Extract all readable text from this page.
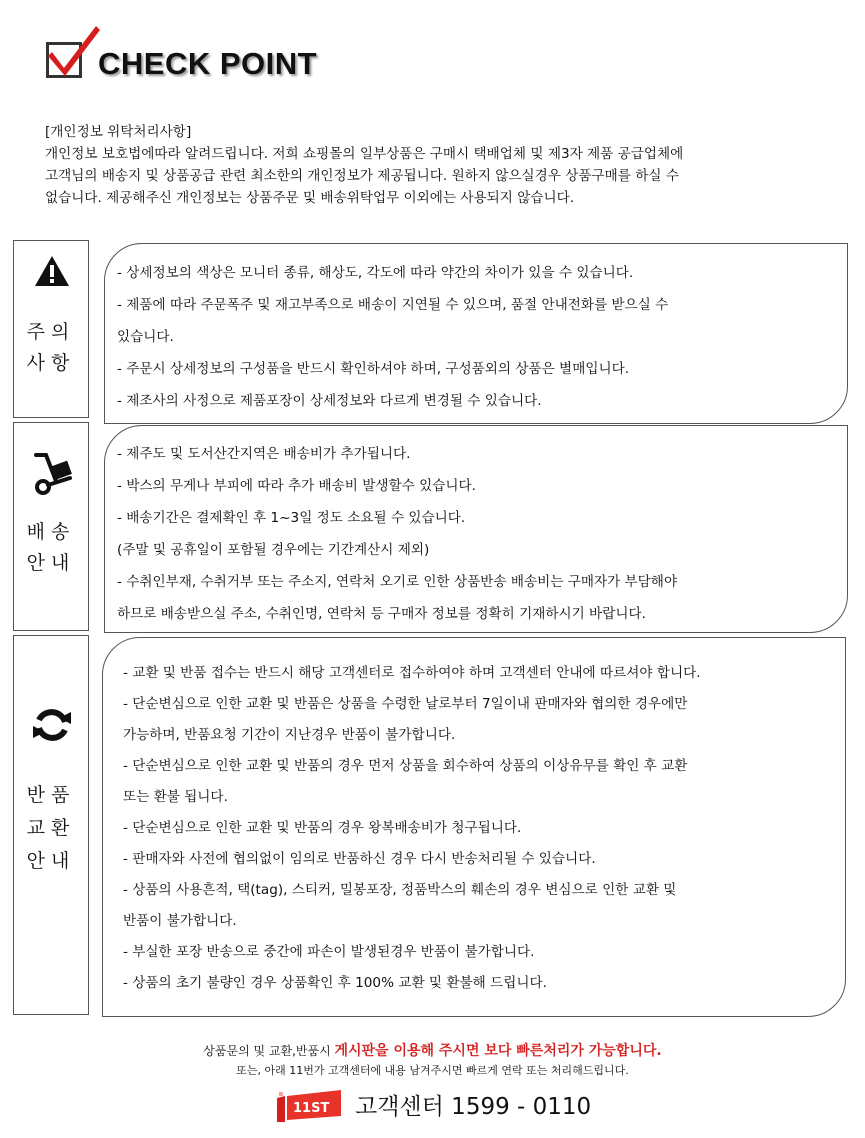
CHECK POINT
[개인정보 위탁처리사항]
개인정보 보호법에따라 알려드립니다. 저희 쇼핑몰의 일부상품은 구매시 택배업체 및 제3자 제품 공급업체에
고객님의 배송지 및 상품공급 관련 최소한의 개인정보가 제공됩니다. 원하지 않으실경우 상품구매를 하실 수
없습니다. 제공해주신 개인정보는 상품주문 및 배송위탁업무 이외에는 사용되지 않습니다.
주의
사항
- 상세정보의 색상은 모니터 종류, 해상도, 각도에 따라 약간의 차이가 있을 수 있습니다.
- 제품에 따라 주문폭주 및 재고부족으로 배송이 지연될 수 있으며, 품절 안내전화를 받으실 수
있습니다.
- 주문시 상세정보의 구성품을 반드시 확인하셔야 하며, 구성품외의 상품은 별매입니다.
- 제조사의 사정으로 제품포장이 상세정보와 다르게 변경될 수 있습니다.
배송
안내
- 제주도 및 도서산간지역은 배송비가 추가됩니다.
- 박스의 무게나 부피에 따라 추가 배송비 발생할수 있습니다.
- 배송기간은 결제확인 후 1~3일 정도 소요될 수 있습니다.
(주말 및 공휴일이 포함될 경우에는 기간계산시 제외)
- 수취인부재, 수취거부 또는 주소지, 연락처 오기로 인한 상품반송 배송비는 구매자가 부담해야
하므로 배송받으실 주소, 수취인명, 연락처 등 구매자 정보를 정확히 기재하시기 바랍니다.
반품
교환
안내
- 교환 및 반품 접수는 반드시 해당 고객센터로 접수하여야 하며 고객센터 안내에 따르셔야 합니다.
- 단순변심으로 인한 교환 및 반품은 상품을 수령한 날로부터 7일이내 판매자와 협의한 경우에만
가능하며, 반품요청 기간이 지난경우 반품이 불가합니다.
- 단순변심으로 인한 교환 및 반품의 경우 먼저 상품을 회수하여 상품의 이상유무를 확인 후 교환
또는 환불 됩니다.
- 단순변심으로 인한 교환 및 반품의 경우 왕복배송비가 청구됩니다.
- 판매자와 사전에 협의없이 임의로 반품하신 경우 다시 반송처리될 수 있습니다.
- 상품의 사용흔적, 택(tag), 스티커, 밀봉포장, 정품박스의 훼손의 경우 변심으로 인한 교환 및
반품이 불가합니다.
- 부실한 포장 반송으로 중간에 파손이 발생된경우 반품이 불가합니다.
- 상품의 초기 불량인 경우 상품확인 후 100% 교환 및 환불해 드립니다.
상품문의 및 교환,반품시 게시판을 이용해 주시면 보다 빠른처리가 가능합니다.
또는, 아래 11번가 고객센터에 내용 남겨주시면 빠르게 연락 또는 처리해드립니다.
11ST 고객센터 1599 - 0110
